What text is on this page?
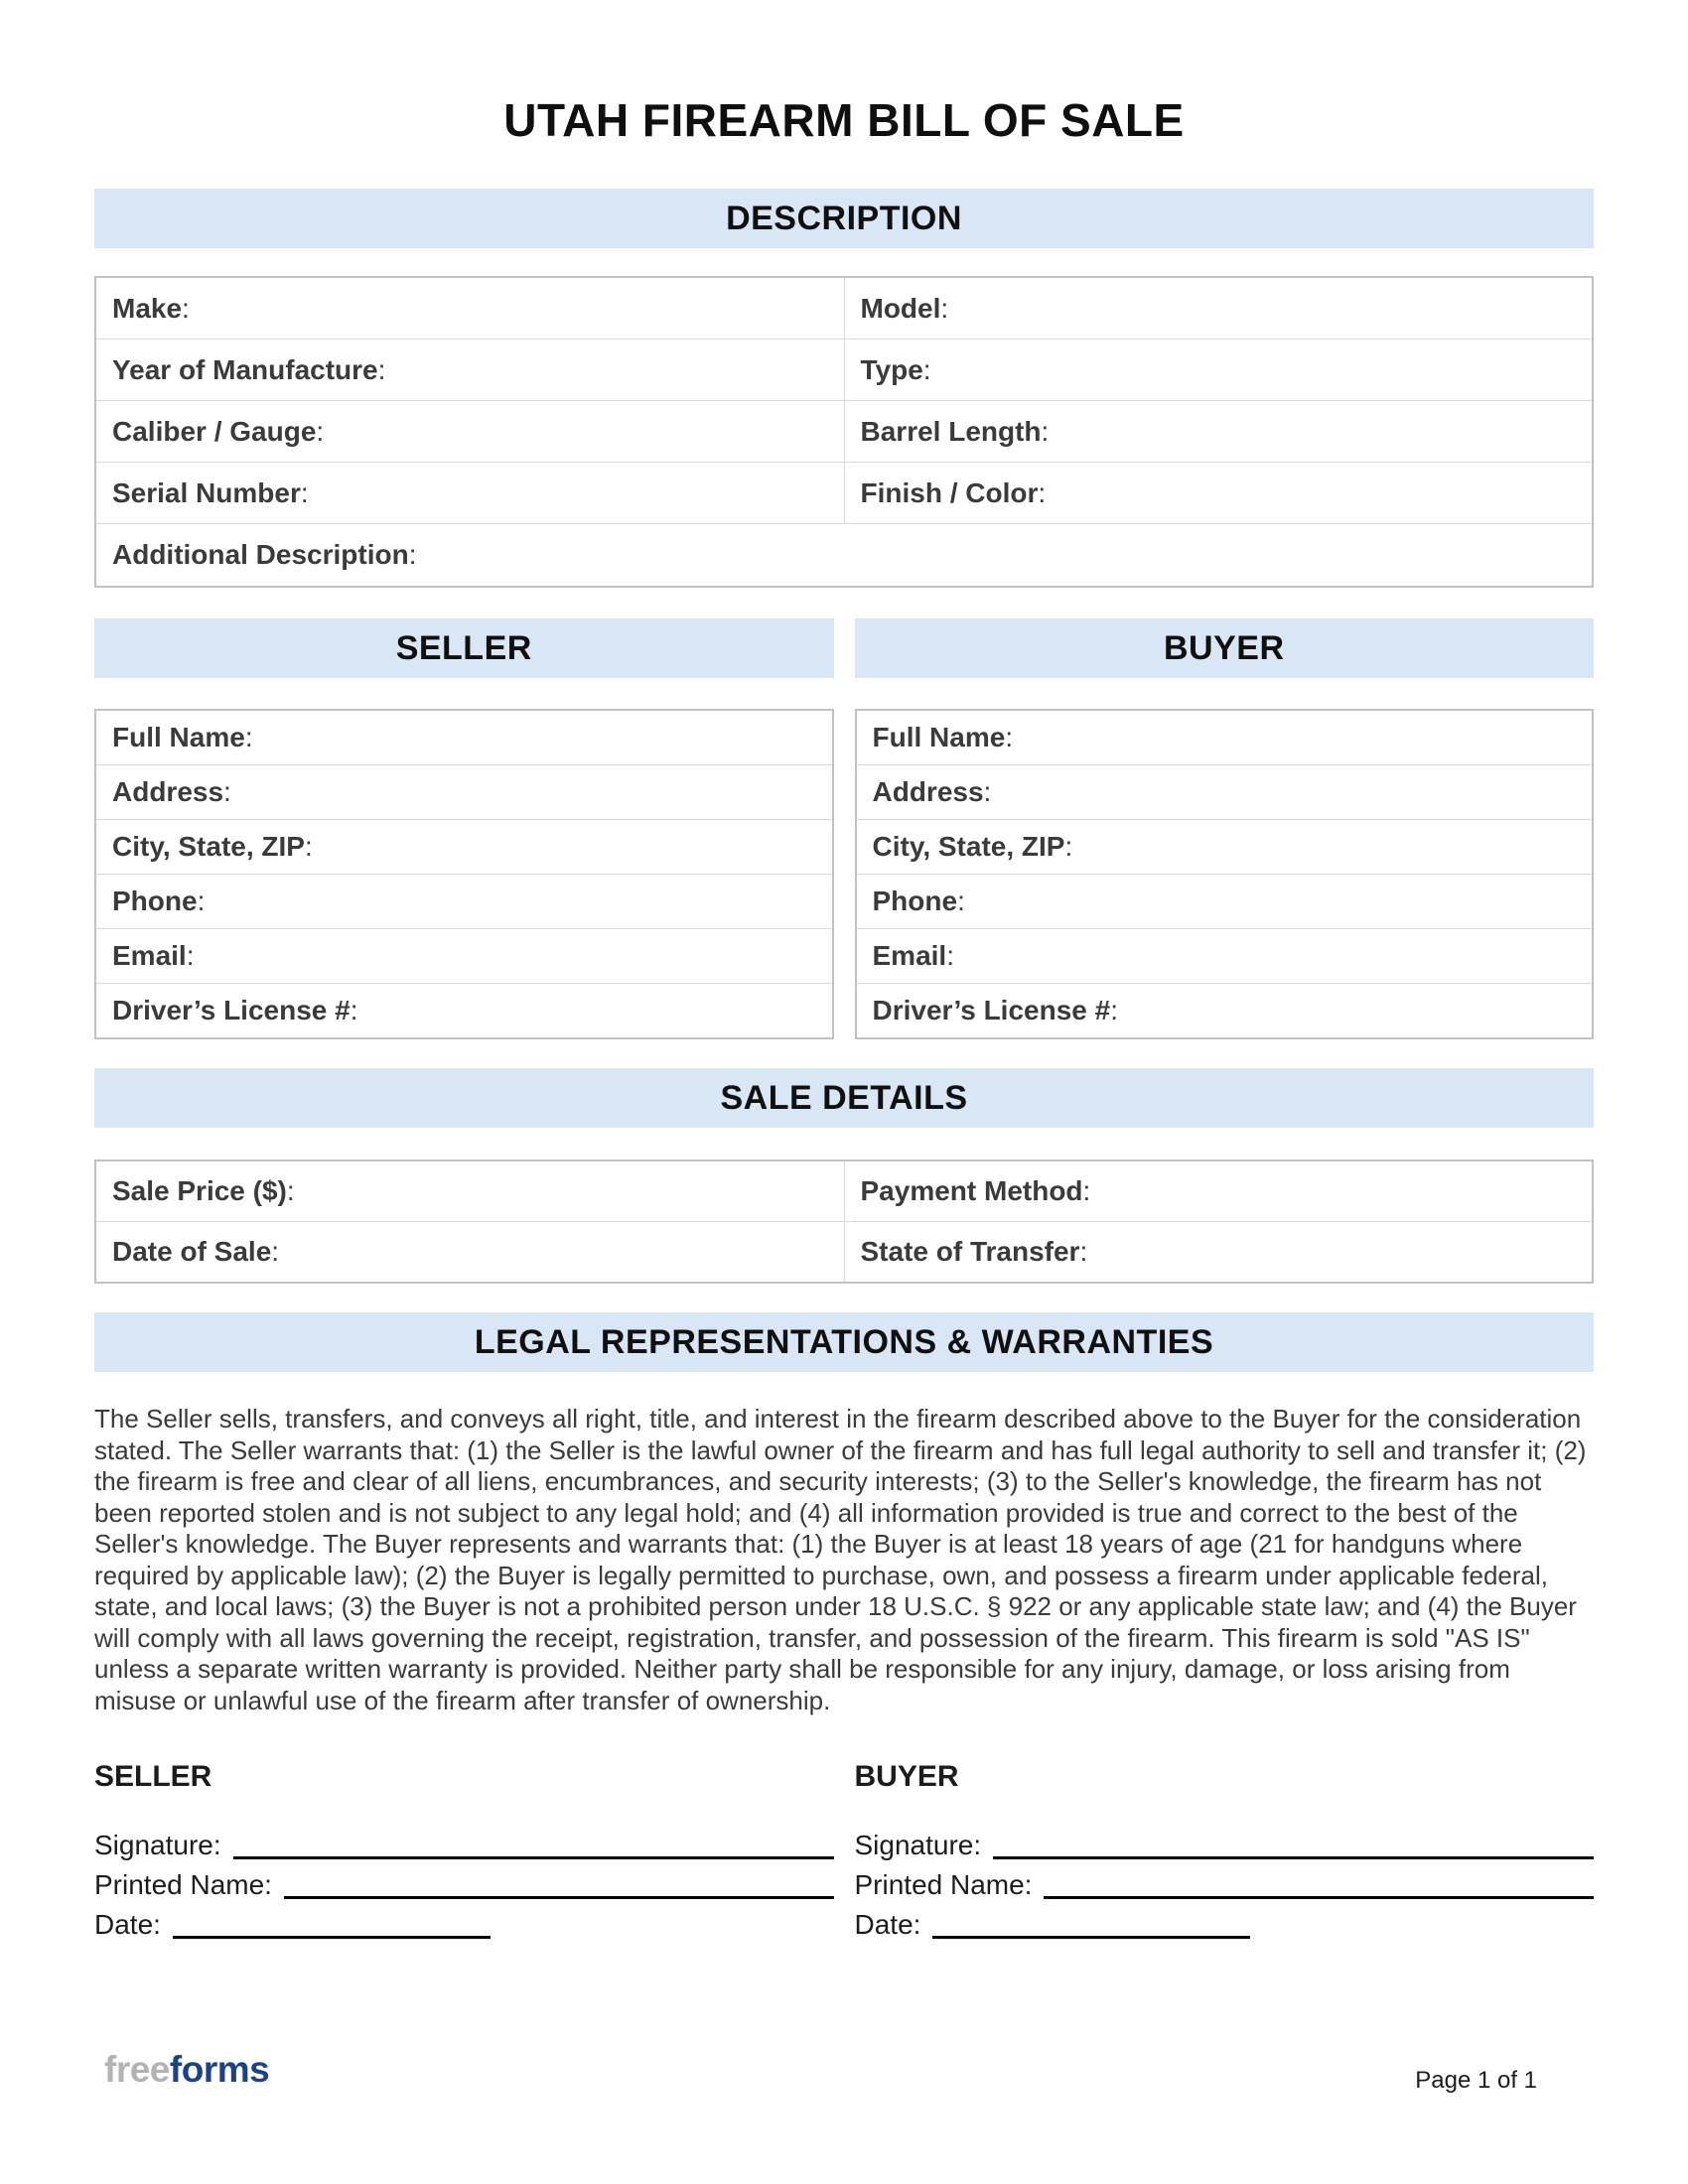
UTAH FIREARM BILL OF SALE
DESCRIPTION
Make :	Model :
Year of Manufacture :	Type :
Caliber / Gauge :	Barrel Length :
Serial Number :	Finish / Color :
Additional Description :
SELLER
Full Name :
Address :
City, State, ZIP :
Phone :
Email :
Driver’s License # :
BUYER
Full Name :
Address :
City, State, ZIP :
Phone :
Email :
Driver’s License # :
SALE DETAILS
Sale Price ($) :	Payment Method :
Date of Sale :	State of Transfer :
LEGAL REPRESENTATIONS & WARRANTIES

The Seller sells, transfers, and conveys all right, title, and interest in the firearm described above to the Buyer for the consideration stated. The Seller warrants that: (1) the Seller is the lawful owner of the firearm and has full legal authority to sell and transfer it; (2) the firearm is free and clear of all liens, encumbrances, and security interests; (3) to the Seller's knowledge, the firearm has not been reported stolen and is not subject to any legal hold; and (4) all information provided is true and correct to the best of the Seller's knowledge. The Buyer represents and warrants that: (1) the Buyer is at least 18 years of age (21 for handguns where required by applicable law); (2) the Buyer is legally permitted to purchase, own, and possess a firearm under applicable federal, state, and local laws; (3) the Buyer is not a prohibited person under 18 U.S.C. § 922 or any applicable state law; and (4) the Buyer will comply with all laws governing the receipt, registration, transfer, and possession of the firearm. This firearm is sold "AS IS" unless a separate written warranty is provided. Neither party shall be responsible for any injury, damage, or loss arising from misuse or unlawful use of the firearm after transfer of ownership.

SELLER
Signature:
Printed Name:
Date:
BUYER
Signature:
Printed Name:
Date:
freeforms	Page 1 of 1
